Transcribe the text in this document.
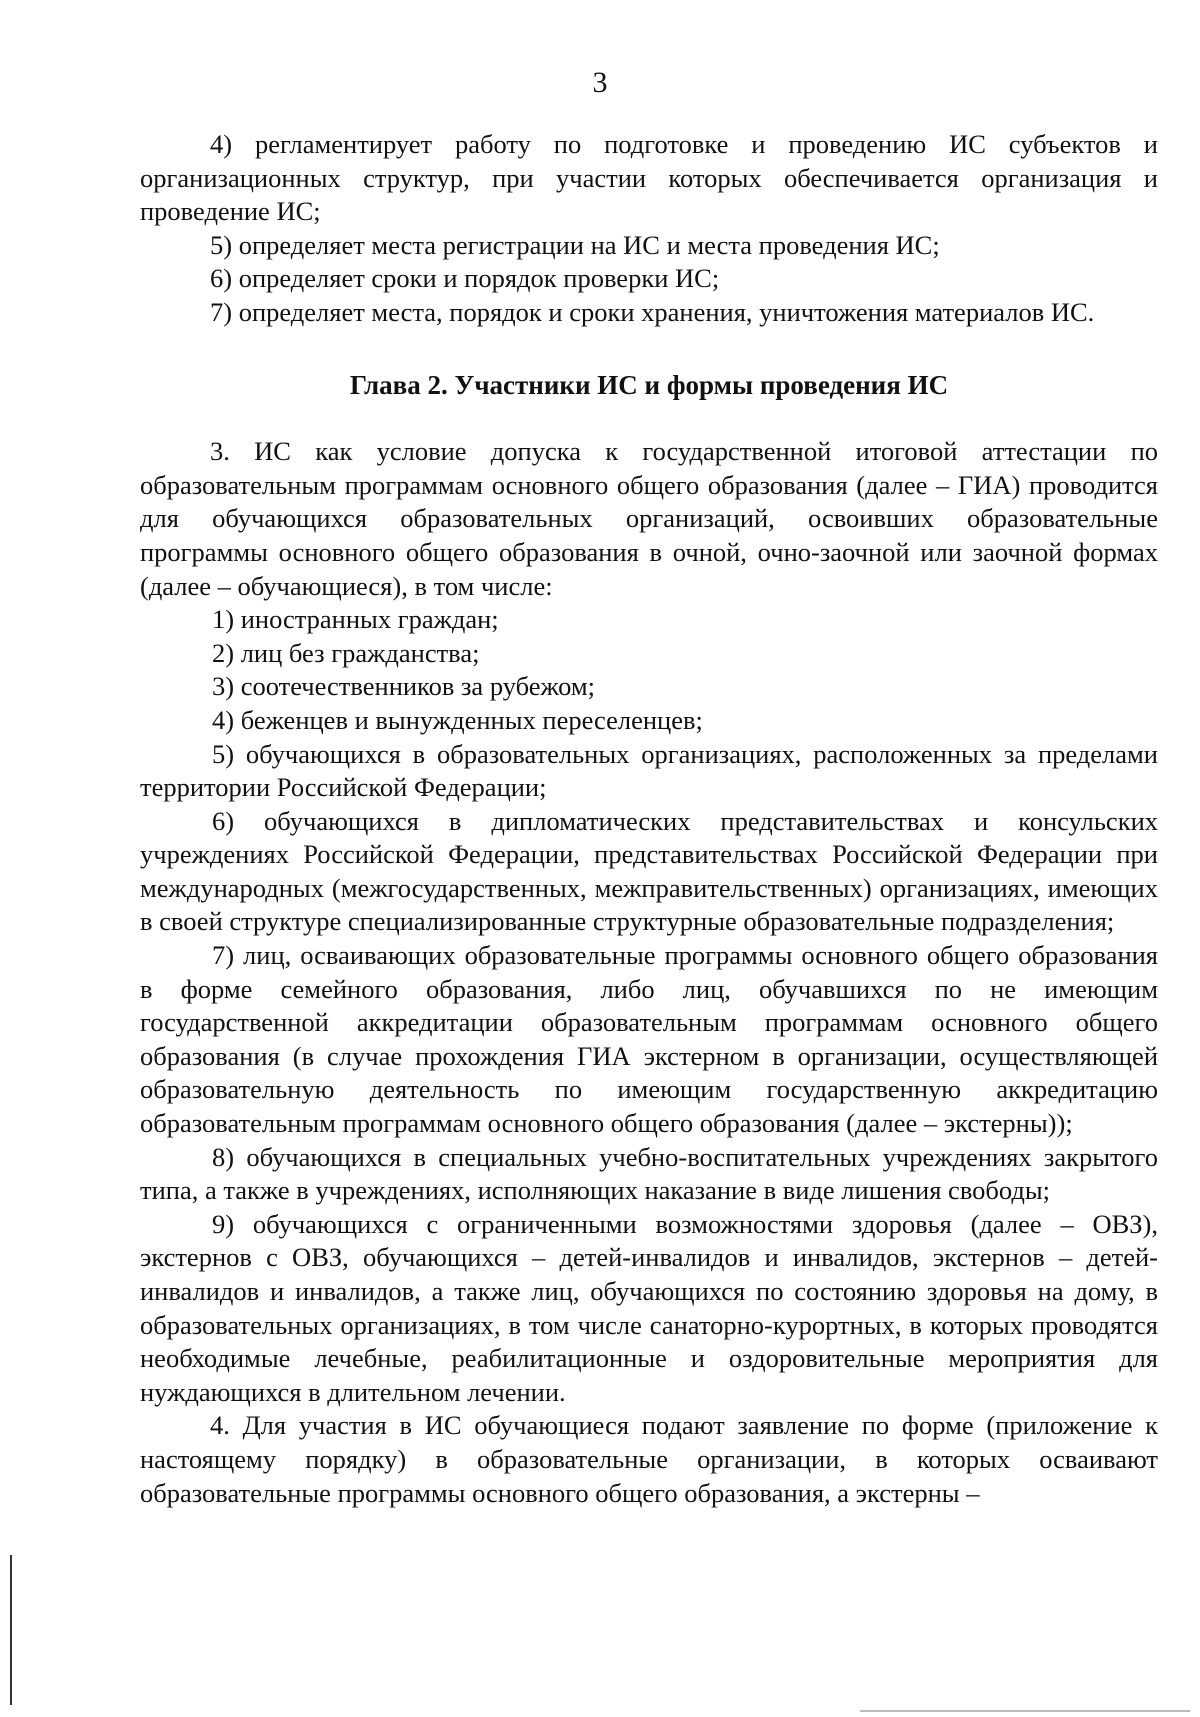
3

4) регламентирует работу по подготовке и проведению ИС субъектов и организационных структур, при участии которых обеспечивается организация и проведение ИС;

5) определяет места регистрации на ИС и места проведения ИС;

6) определяет сроки и порядок проверки ИС;

7) определяет места, порядок и сроки хранения, уничтожения материалов ИС.

Глава 2. Участники ИС и формы проведения ИС

3. ИС как условие допуска к государственной итоговой аттестации по образовательным программам основного общего образования (далее – ГИА) проводится для обучающихся образовательных организаций, освоивших образовательные программы основного общего образования в очной, очно-заочной или заочной формах (далее – обучающиеся), в том числе:

1) иностранных граждан;

2) лиц без гражданства;

3) соотечественников за рубежом;

4) беженцев и вынужденных переселенцев;

5) обучающихся в образовательных организациях, расположенных за пределами территории Российской Федерации;

6) обучающихся в дипломатических представительствах и консульских учреждениях Российской Федерации, представительствах Российской Федерации при международных (межгосударственных, межправительственных) организациях, имеющих в своей структуре специализированные структурные образовательные подразделения;

7) лиц, осваивающих образовательные программы основного общего образования в форме семейного образования, либо лиц, обучавшихся по не имеющим государственной аккредитации образовательным программам основного общего образования (в случае прохождения ГИА экстерном в организации, осуществляющей образовательную деятельность по имеющим государственную аккредитацию образовательным программам основного общего образования (далее – экстерны));

8) обучающихся в специальных учебно-воспитательных учреждениях закрытого типа, а также в учреждениях, исполняющих наказание в виде лишения свободы;

9) обучающихся с ограниченными возможностями здоровья (далее – ОВЗ), экстернов с ОВЗ, обучающихся – детей-инвалидов и инвалидов, экстернов – детей-инвалидов и инвалидов, а также лиц, обучающихся по состоянию здоровья на дому, в образовательных организациях, в том числе санаторно-курортных, в которых проводятся необходимые лечебные, реабилитационные и оздоровительные мероприятия для нуждающихся в длительном лечении.

4. Для участия в ИС обучающиеся подают заявление по форме (приложение к настоящему порядку) в образовательные организации, в которых осваивают образовательные программы основного общего образования, а экстерны –
